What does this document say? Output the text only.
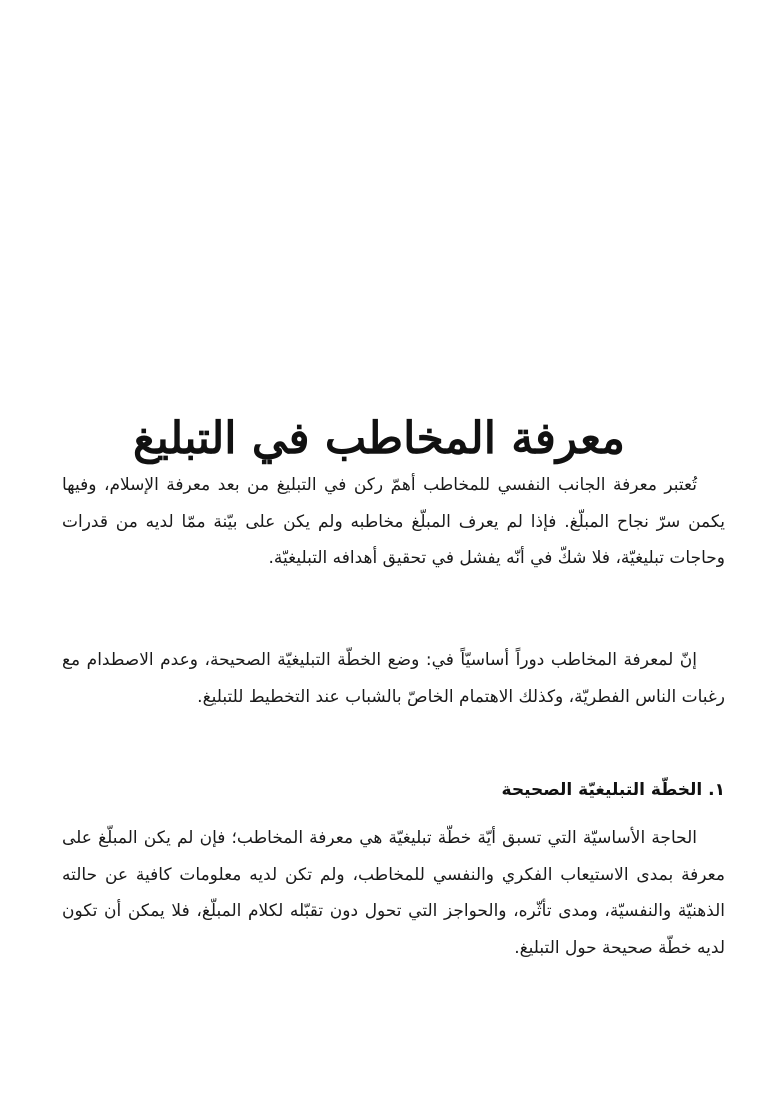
معرفة المخاطب في التبليغ

تُعتبر معرفة الجانب النفسي للمخاطب أهمّ ركن في التبليغ من بعد معرفة الإسلام، وفيها يكمن سرّ نجاح المبلّغ. فإذا لم يعرف المبلّغ مخاطبه ولم يكن على بيّنة ممّا لديه من قدرات وحاجات تبليغيّة، فلا شكّ في أنّه يفشل في تحقيق أهدافه التبليغيّة.

إنّ لمعرفة المخاطب دوراً أساسيّاً في: وضع الخطّة التبليغيّة الصحيحة، وعدم الاصطدام مع رغبات الناس الفطريّة، وكذلك الاهتمام الخاصّ بالشباب عند التخطيط للتبليغ.

١. الخطّة التبليغيّة الصحيحة

الحاجة الأساسيّة التي تسبق أيّة خطّة تبليغيّة هي معرفة المخاطب؛ فإن لم يكن المبلّغ على معرفة بمدى الاستيعاب الفكري والنفسي للمخاطب، ولم تكن لديه معلومات كافية عن حالته الذهنيّة والنفسيّة، ومدى تأثّره، والحواجز التي تحول دون تقبّله لكلام المبلّغ، فلا يمكن أن تكون لديه خطّة صحيحة حول التبليغ.
